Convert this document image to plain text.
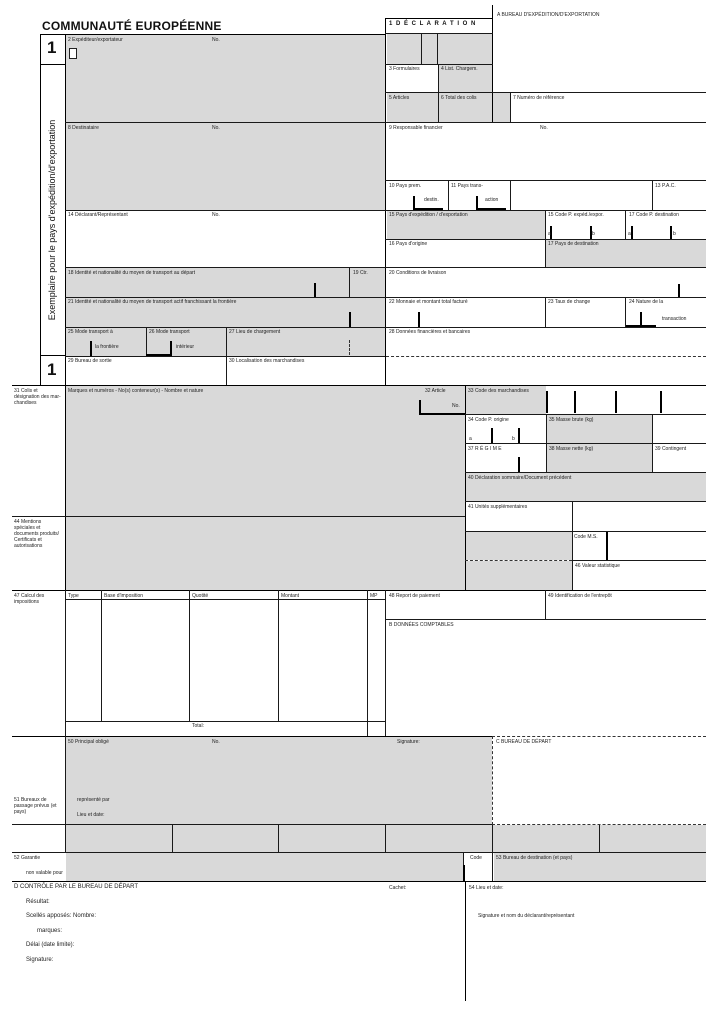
COMMUNAUTÉ EUROPÉENNE
1
1
Exemplaire pour le pays d'expédition/d'exportation
1 D É C L A R A T I O N
A BUREAU D'EXPÉDITION/D'EXPORTATION
2 Expéditeur/exportateur	No.
3 Formulaires	4 List. Chargem.
5 Articles	6 Total des colis	7 Numéro de référence
8 Destinataire	No.	9 Responsable financier	No.
10 Pays prem.
destin.
11 Pays trans-
action
13 P.A.C.
14 Déclarant/Représentant	No.	15 Pays d'expédition / d'exportation	15 Code P. expéd./expor.	17 Code P. destination
a	b	a	b
16 Pays d'origine	17 Pays de destination
18 Identité et nationalité du moyen de transport au départ	19 Ctr.	20 Conditions de livraison
21 Identité et nationalité du moyen de transport actif franchissant la frontière	22 Monnaie et montant total facturé	23 Taux de change	24 Nature de la
transaction
25 Mode transport à
la frontière
26 Mode transport
intérieur
27 Lieu de chargement	28 Données financières et bancaires
29 Bureau de sortie	30 Localisation des marchandises
31 Colis et désignation des mar- chandises
Marques et numéros - No(s) conteneur(s) - Nombre et nature	32 Article
No.
33 Code des marchandises
34 Code P. origine
a	b
35 Masse brute (kg)
37 R É G I M E	38 Masse nette (kg)	39 Contingent
40 Déclaration sommaire/Document précédent
41 Unités supplémentaires
44 Mentions spéciales et documents produits/ Certificats et autorisations
Code M.S.
46 Valeur statistique
47 Calcul des impositions
Type	Base d'imposition	Quotité	Montant	MP
Total:
48 Report de paiement	49 Identification de l'entrepôt
B DONNÉES COMPTABLES
50 Principal obligé	No.	Signature:	C BUREAU DE DÉPART
51 Bureaux de passage prévus (et pays)
représenté par
Lieu et date:
52 Garantie
non valable pour
Code	53 Bureau de destination (et pays)
D CONTRÔLE PAR LE BUREAU DE DÉPART	Cachet:	54 Lieu et date:
Résultat:
Scellés apposés: Nombre:
marques:
Délai (date limite):
Signature:
Signature et nom du déclarant/représentant
